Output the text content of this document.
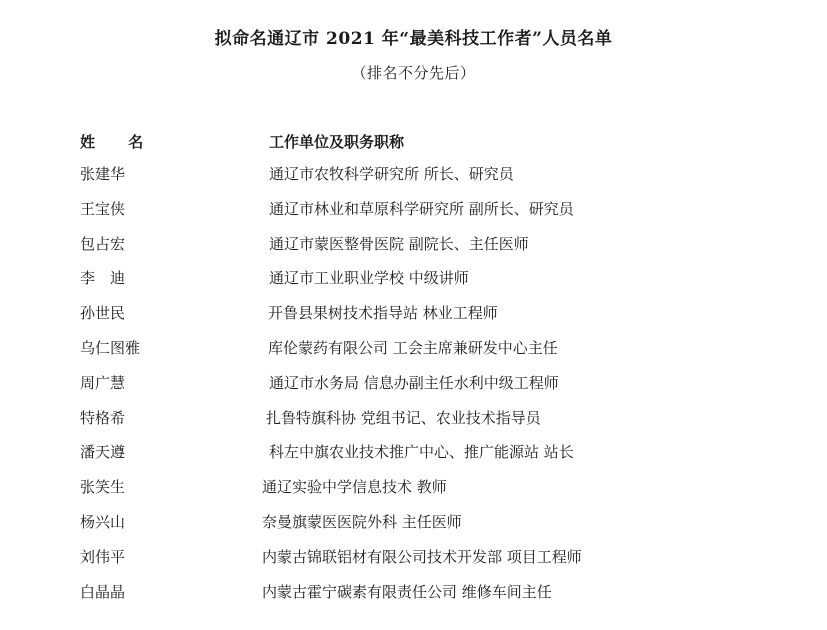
拟命名通辽市 2021 年“最美科技工作者”人员名单
（排名不分先后）
姓 名	工作单位及职务职称
张建华	通辽市农牧科学研究所 所长、研究员
王宝侠	通辽市林业和草原科学研究所 副所长、研究员
包占宏	通辽市蒙医整骨医院 副院长、主任医师
李　迪	通辽市工业职业学校 中级讲师
孙世民	开鲁县果树技术指导站 林业工程师
乌仁图雅	库伦蒙药有限公司 工会主席兼研发中心主任
周广慧	通辽市水务局 信息办副主任水利中级工程师
特格希	扎鲁特旗科协 党组书记、农业技术指导员
潘天遵	科左中旗农业技术推广中心、推广能源站 站长
张笑生	通辽实验中学信息技术 教师
杨兴山	奈曼旗蒙医医院外科 主任医师
刘伟平	内蒙古锦联铝材有限公司技术开发部 项目工程师
白晶晶	内蒙古霍宁碳素有限责任公司 维修车间主任
